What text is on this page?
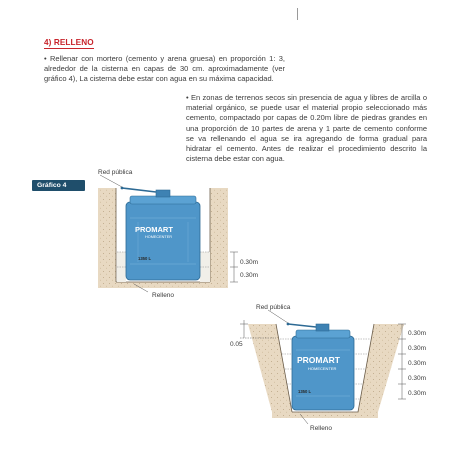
4) RELLENO

• Rellenar con mortero (cemento y arena gruesa) en proporción 1: 3, alrededor de la cisterna en capas de 30 cm. aproximadamente (ver gráfico 4), La cisterna debe estar con agua en su máxima capacidad.

• En zonas de terrenos secos sin presencia de agua y libres de arcilla o material orgánico, se puede usar el material propio seleccionado más cemento, compactado por capas de 0.20m libre de piedras grandes en una proporción de 10 partes de arena y 1 parte de cemento conforme se va rellenando el agua se ira agregando de forma gradual para hidratar el cemento. Antes de realizar el procedimiento descrito la cisterna debe estar con agua.

Gráfico 4
PROMART
HOMECENTER
1350 L
Red pública
0.30m
0.30m
Relleno
PROMART
HOMECENTER
1350 L
Red pública
0.05
0.30m
0.30m
0.30m
0.30m
0.30m
Relleno
